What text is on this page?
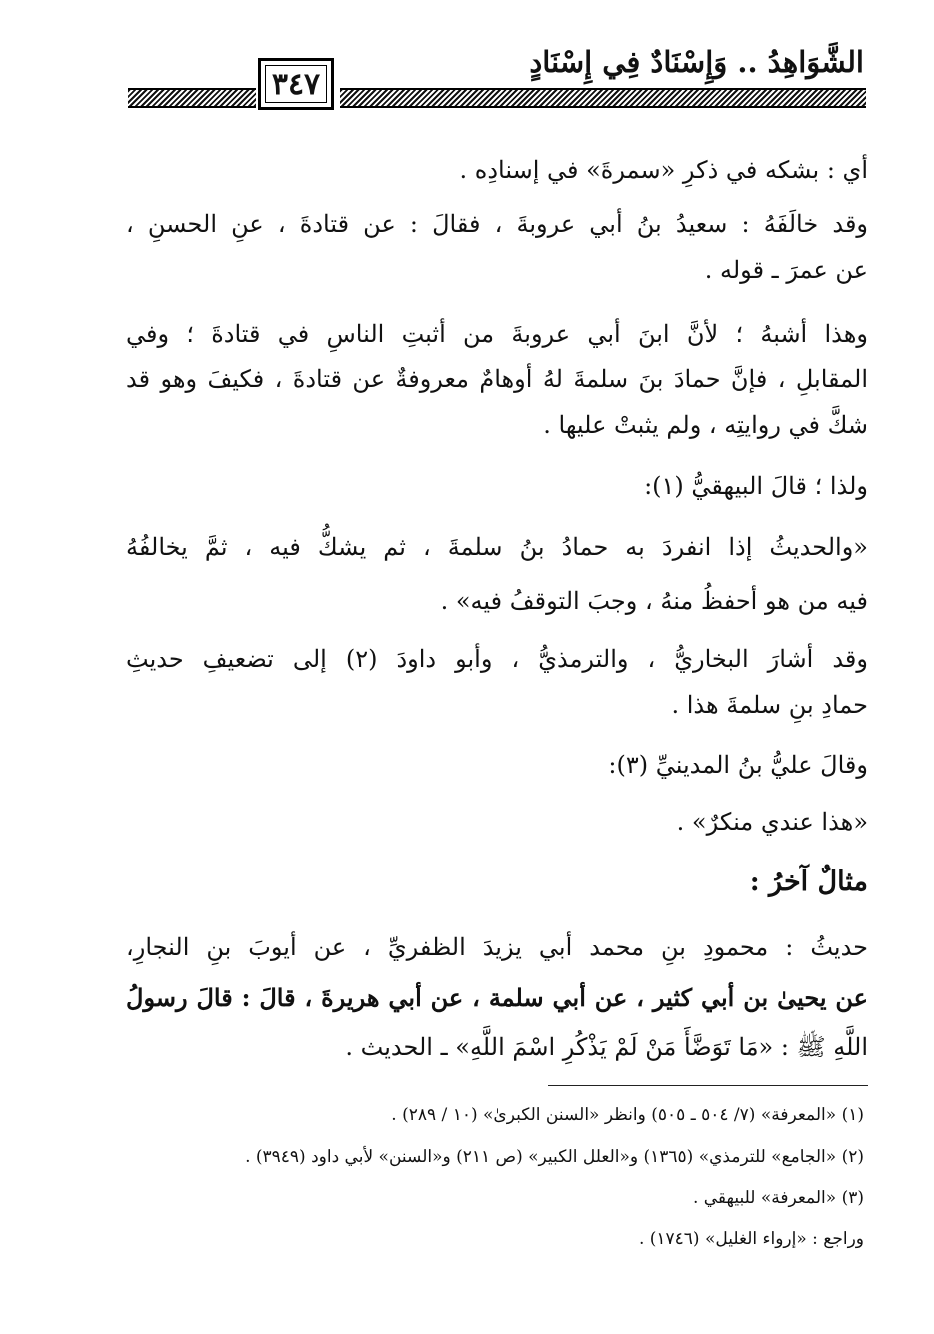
الشَّوَاهِدُ .. وَإِسْنَادٌ فِي إِسْنَادٍ
٣٤٧
أي : بشكه في ذكرِ «سمرةَ» في إسنادِه .
وقد خالَفَهُ : سعيدُ بنُ أبي عروبةَ ، فقالَ : عن قتادةَ ، عنِ الحسنِ ،
عن عمرَ ـ قوله .
وهذا أشبهُ ؛ لأنَّ ابنَ أبي عروبةَ من أثبتِ الناسِ في قتادةَ ؛ وفي
المقابلِ ، فإنَّ حمادَ بنَ سلمةَ لهُ أوهامٌ معروفةٌ عن قتادةَ ، فكيفَ وهو قد
شكَّ في روايتِه ، ولم يثبتْ عليها .
ولذا ؛ قالَ البيهقيُّ (١):
«والحديثُ إذا انفردَ به حمادُ بنُ سلمةَ ، ثم يشكُّ فيه ، ثمَّ يخالفُهُ
فيه من هو أحفظُ منهُ ، وجبَ التوقفُ فيه» .
وقد أشارَ البخاريُّ ، والترمذيُّ ، وأبو داودَ (٢) إلى تضعيفِ حديثِ
حمادِ بنِ سلمةَ هذا .
وقالَ عليُّ بنُ المدينيِّ (٣):
«هذا عندي منكرٌ» .
مثالٌ آخرُ :
حديثُ : محمودِ بنِ محمد أبي يزيدَ الظفريِّ ، عن أيوبَ بنِ النجارِ،
عن يحيىٰ بن أبي كثير ، عن أبي سلمة ، عن أبي هريرةَ ، قالَ : قالَ رسولُ
اللَّهِ ﷺ : «مَا تَوَضَّأَ مَنْ لَمْ يَذْكُرِ اسْمَ اللَّهِ» ـ الحديث .
(١) «المعرفة» (٧/ ٥٠٤ ـ ٥٠٥) وانظر «السنن الكبرىٰ» (١٠ / ٢٨٩) .
(٢) «الجامع» للترمذي» (١٣٦٥) و«العلل الكبير» (ص ٢١١) و«السنن» لأبي داود (٣٩٤٩) .
(٣) «المعرفة» للبيهقي .
وراجع : «إرواء الغليل» (١٧٤٦) .
